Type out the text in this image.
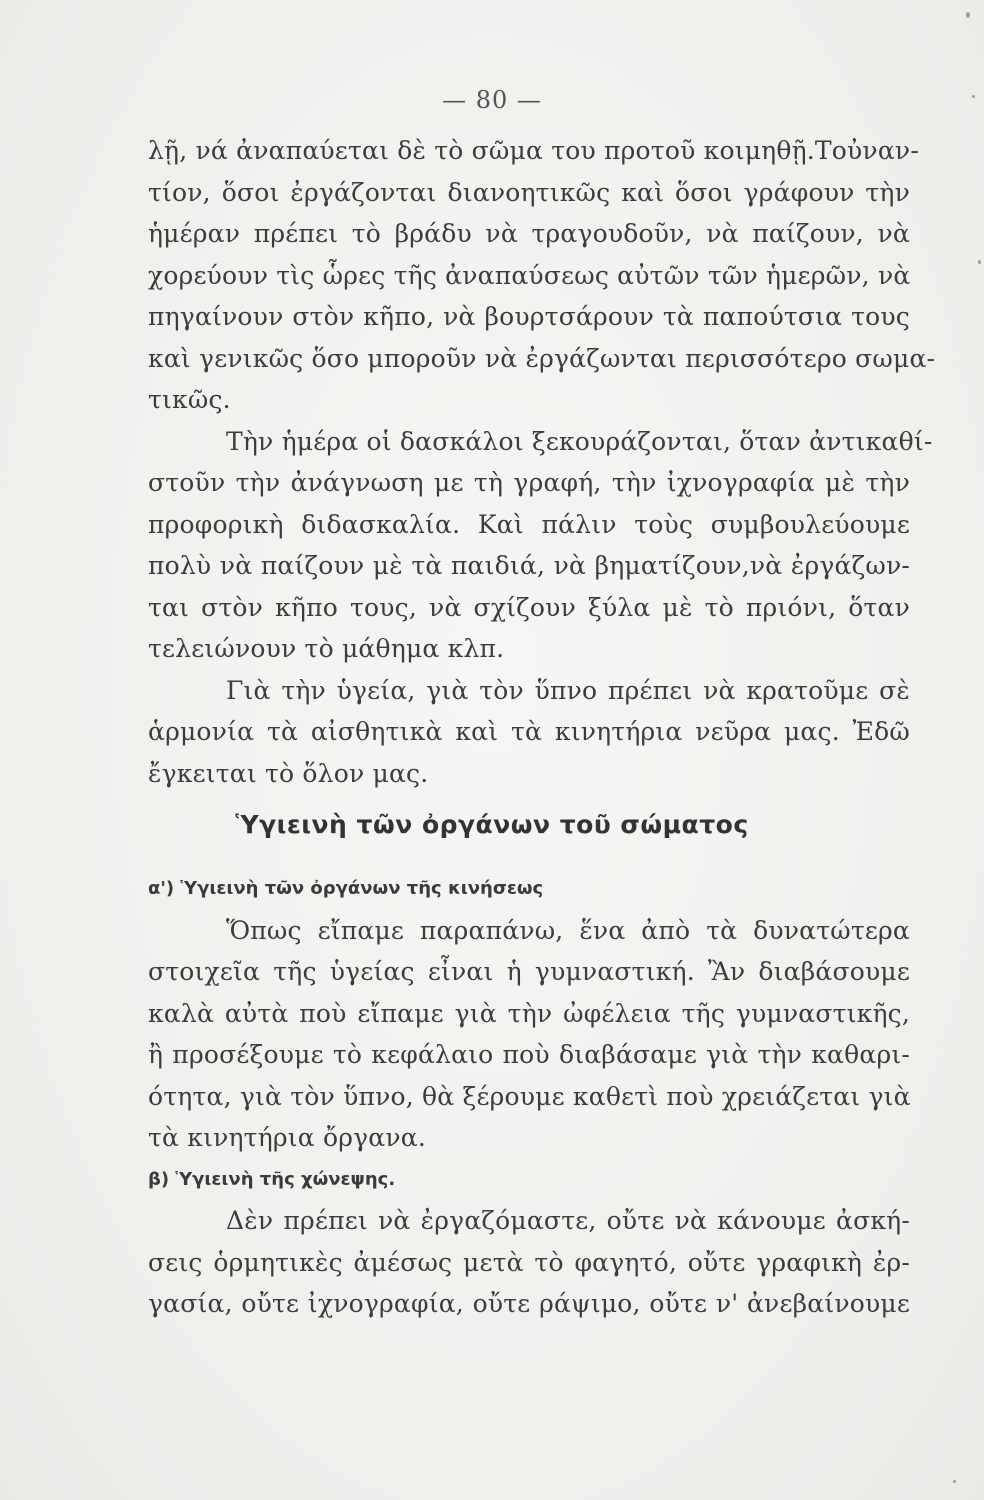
— 80 —
λῇ, νά ἀναπαύεται δὲ τὸ σῶμα του προτοῦ κοιμηθῇ.Τοὐναν-
τίον, ὅσοι ἐργάζονται διανοητικῶς καὶ ὅσοι γράφουν τὴν
ἡμέραν πρέπει τὸ βράδυ νὰ τραγουδοῦν, νὰ παίζουν, νὰ
χορεύουν τὶς ὧρες τῆς ἀναπαύσεως αὐτῶν τῶν ἡμερῶν, νὰ
πηγαίνουν στὸν κῆπο, νὰ βουρτσάρουν τὰ παπούτσια τους
καὶ γενικῶς ὅσο μποροῦν νὰ ἐργάζωνται περισσότερο σωμα-
τικῶς.
Τὴν ἡμέρα οἱ δασκάλοι ξεκουράζονται, ὅταν ἀντικαθί-
στοῦν τὴν ἀνάγνωση με τὴ γραφή, τὴν ἰχνογραφία μὲ τὴν
προφορικὴ διδασκαλία. Καὶ πάλιν τοὺς συμβουλεύουμε
πολὺ νὰ παίζουν μὲ τὰ παιδιά, νὰ βηματίζουν,νὰ ἐργάζων-
ται στὸν κῆπο τους, νὰ σχίζουν ξύλα μὲ τὸ πριόνι, ὅταν
τελειώνουν τὸ μάθημα κλπ.
Γιὰ τὴν ὑγεία, γιὰ τὸν ὕπνο πρέπει νὰ κρατοῦμε σὲ
ἁρμονία τὰ αἰσθητικὰ καὶ τὰ κινητήρια νεῦρα μας. Ἐδῶ
ἔγκειται τὸ ὅλον μας.
Ὑγιεινὴ τῶν ὀργάνων τοῦ σώματος
α') Ὑγιεινὴ τῶν ὀργάνων τῆς κινήσεως
Ὅπως εἴπαμε παραπάνω, ἕνα ἀπὸ τὰ δυνατώτερα
στοιχεῖα τῆς ὑγείας εἶναι ἡ γυμναστική. Ἂν διαβάσουμε
καλὰ αὐτὰ ποὺ εἴπαμε γιὰ τὴν ὠφέλεια τῆς γυμναστικῆς,
ἢ προσέξουμε τὸ κεφάλαιο ποὺ διαβάσαμε γιὰ τὴν καθαρι-
ότητα, γιὰ τὸν ὕπνο, θὰ ξέρουμε καθετὶ ποὺ χρειάζεται γιὰ
τὰ κινητήρια ὄργανα.
β) Ὑγιεινὴ τῆς χώνεψης.
Δὲν πρέπει νὰ ἐργαζόμαστε, οὔτε νὰ κάνουμε ἀσκή-
σεις ὁρμητικὲς ἀμέσως μετὰ τὸ φαγητό, οὔτε γραφικὴ ἐρ-
γασία, οὔτε ἰχνογραφία, οὔτε ράψιμο, οὔτε ν' ἀνεβαίνουμε
